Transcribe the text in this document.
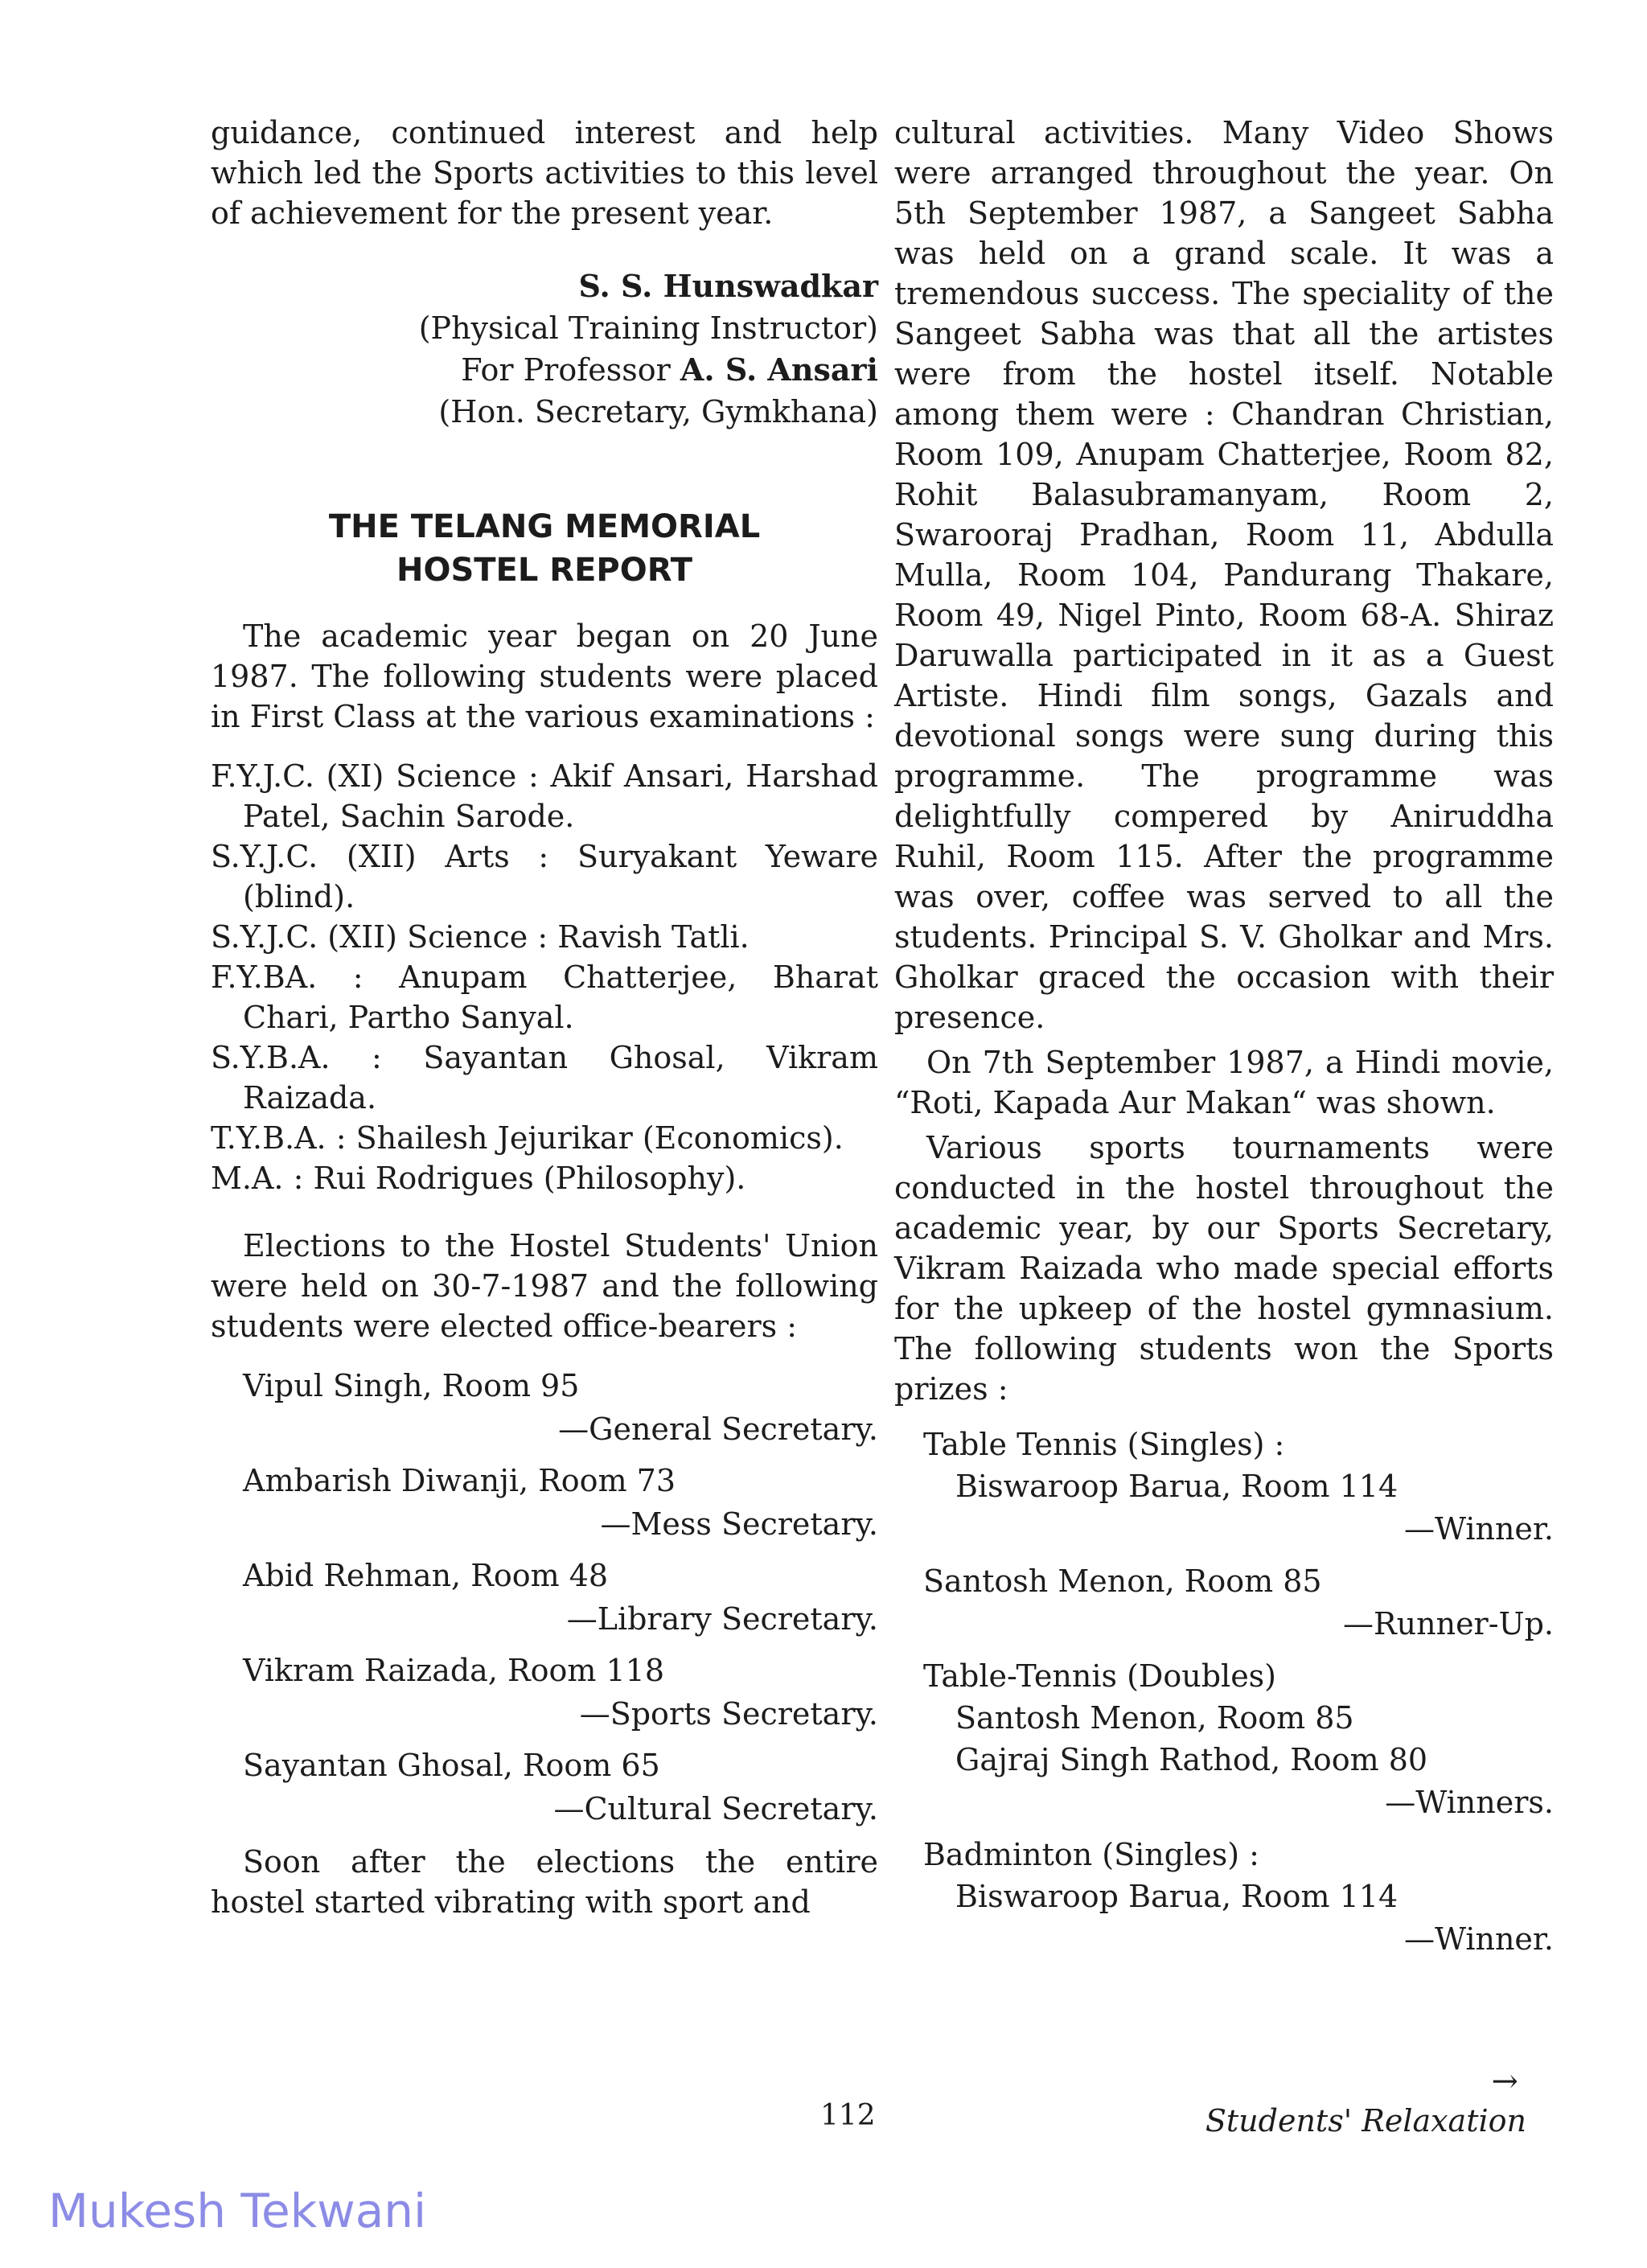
guidance, continued interest and help which led the Sports activities to this level of achievement for the present year.

S. S. Hunswadkar
(Physical Training Instructor)
For Professor A. S. Ansari
(Hon. Secretary, Gymkhana)
THE TELANG MEMORIAL
HOSTEL REPORT

The academic year began on 20 June 1987. The following students were placed in First Class at the various examinations :

F.Y.J.C. (XI) Science : Akif Ansari, Harshad Patel, Sachin Sarode.

S.Y.J.C. (XII) Arts : Suryakant Yeware (blind).

S.Y.J.C. (XII) Science : Ravish Tatli.

F.Y.BA. : Anupam Chatterjee, Bharat Chari, Partho Sanyal.

S.Y.B.A. : Sayantan Ghosal, Vikram Raizada.

T.Y.B.A. : Shailesh Jejurikar (Economics).

M.A. : Rui Rodrigues (Philosophy).

Elections to the Hostel Students' Union were held on 30-7-1987 and the following students were elected office-bearers :

Vipul Singh, Room 95
—General Secretary.
Ambarish Diwanji, Room 73
—Mess Secretary.
Abid Rehman, Room 48
—Library Secretary.
Vikram Raizada, Room 118
—Sports Secretary.
Sayantan Ghosal, Room 65
—Cultural Secretary.

Soon after the elections the entire hostel started vibrating with sport and

cultural activities. Many Video Shows were arranged throughout the year. On 5th September 1987, a Sangeet Sabha was held on a grand scale. It was a tremendous success. The speciality of the Sangeet Sabha was that all the artistes were from the hostel itself. Notable among them were : Chandran Christian, Room 109, Anupam Chatterjee, Room 82, Rohit Balasubramanyam, Room 2, Swarooraj Pradhan, Room 11, Abdulla Mulla, Room 104, Pandurang Thakare, Room 49, Nigel Pinto, Room 68-A. Shiraz Daruwalla participated in it as a Guest Artiste. Hindi film songs, Gazals and devotional songs were sung during this programme. The programme was delightfully compered by Aniruddha Ruhil, Room 115. After the programme was over, coffee was served to all the students. Principal S. V. Gholkar and Mrs. Gholkar graced the occasion with their presence.

On 7th September 1987, a Hindi movie, “Roti, Kapada Aur Makan“ was shown.

Various sports tournaments were conducted in the hostel throughout the academic year, by our Sports Secretary, Vikram Raizada who made special efforts for the upkeep of the hostel gymnasium. The following students won the Sports prizes :

Table Tennis (Singles) :
Biswaroop Barua, Room 114
—Winner.
Santosh Menon, Room 85
—Runner-Up.
Table-Tennis (Doubles)
Santosh Menon, Room 85
Gajraj Singh Rathod, Room 80
—Winners.
Badminton (Singles) :
Biswaroop Barua, Room 114
—Winner.
112
→
Students' Relaxation
Mukesh Tekwani
